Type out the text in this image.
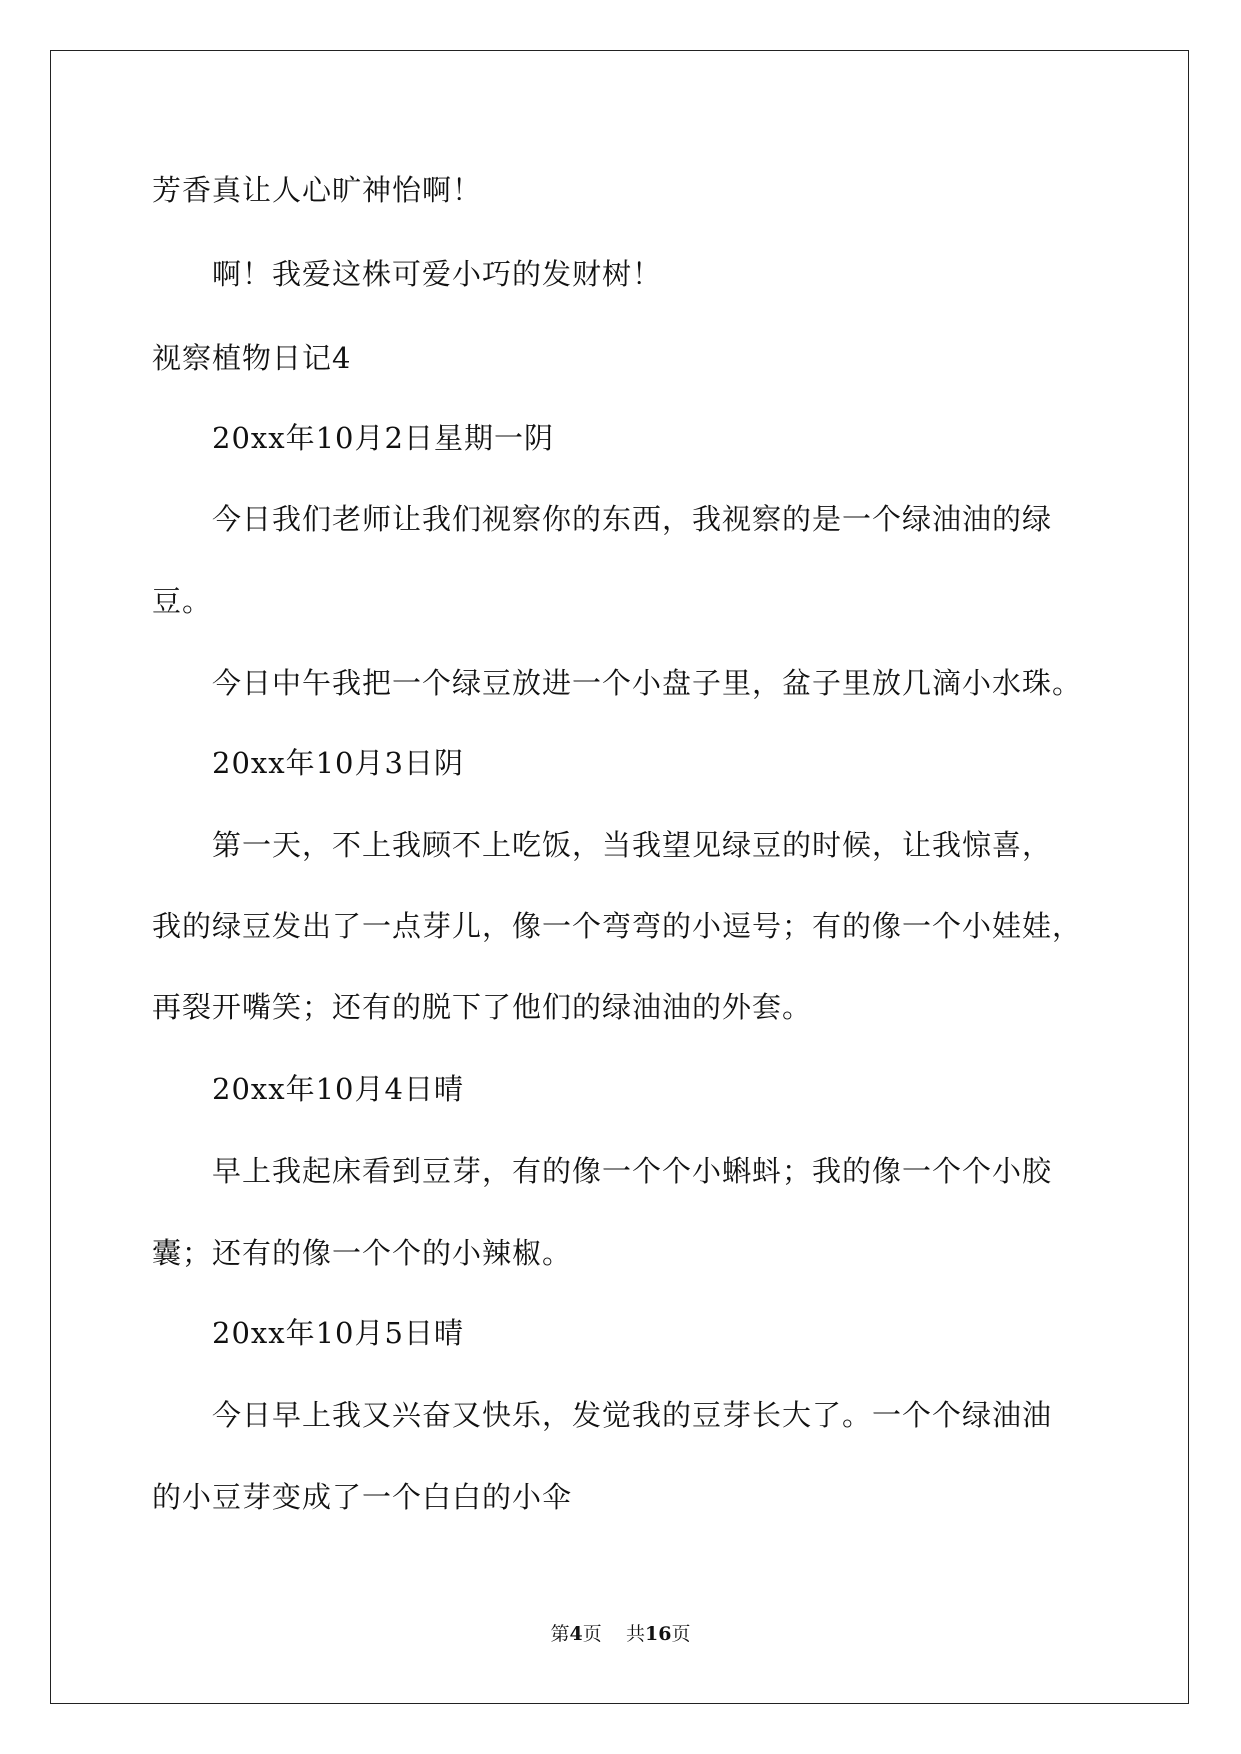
芳香真让人心旷神怡啊！
啊！我爱这株可爱小巧的发财树！
视察植物日记4
20xx年10月2日星期一阴
今日我们老师让我们视察你的东西，我视察的是一个绿油油的绿
豆。
今日中午我把一个绿豆放进一个小盘子里，盆子里放几滴小水珠。
20xx年10月3日阴
第一天，不上我顾不上吃饭，当我望见绿豆的时候，让我惊喜，
我的绿豆发出了一点芽儿，像一个弯弯的小逗号；有的像一个小娃娃，
再裂开嘴笑；还有的脱下了他们的绿油油的外套。
20xx年10月4日晴
早上我起床看到豆芽，有的像一个个小蝌蚪；我的像一个个小胶
囊；还有的像一个个的小辣椒。
20xx年10月5日晴
今日早上我又兴奋又快乐，发觉我的豆芽长大了。一个个绿油油
的小豆芽变成了一个白白的小伞
第4页 共16页
